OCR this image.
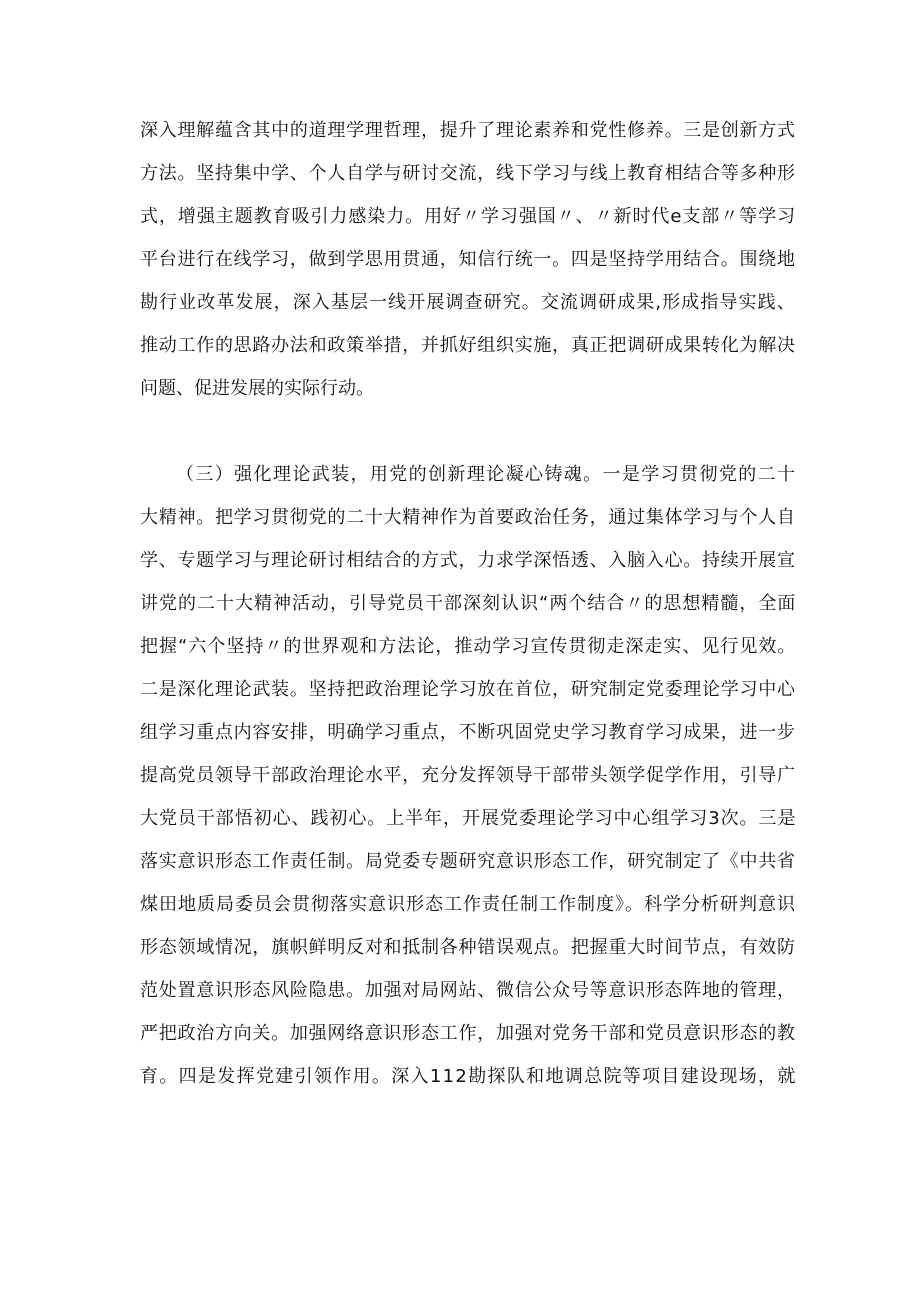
深入理解蕴含其中的道理学理哲理，提升了理论素养和党性修养。三是创新方式
方法。坚持集中学、个人自学与研讨交流，线下学习与线上教育相结合等多种形
式，增强主题教育吸引力感染力。用好〃学习强国〃、〃新时代e支部〃等学习
平台进行在线学习，做到学思用贯通，知信行统一。四是坚持学用结合。围绕地
勘行业改革发展，深入基层一线开展调查研究。交流调研成果,形成指导实践、
推动工作的思路办法和政策举措，并抓好组织实施，真正把调研成果转化为解决
问题、促进发展的实际行动。
（三）强化理论武装，用党的创新理论凝心铸魂。一是学习贯彻党的二十
大精神。把学习贯彻党的二十大精神作为首要政治任务，通过集体学习与个人自
学、专题学习与理论研讨相结合的方式，力求学深悟透、入脑入心。持续开展宣
讲党的二十大精神活动，引导党员干部深刻认识“两个结合〃的思想精髓，全面
把握“六个坚持〃的世界观和方法论，推动学习宣传贯彻走深走实、见行见效。
二是深化理论武装。坚持把政治理论学习放在首位，研究制定党委理论学习中心
组学习重点内容安排，明确学习重点，不断巩固党史学习教育学习成果，进一步
提高党员领导干部政治理论水平，充分发挥领导干部带头领学促学作用，引导广
大党员干部悟初心、践初心。上半年，开展党委理论学习中心组学习3次。三是
落实意识形态工作责任制。局党委专题研究意识形态工作，研究制定了《中共省
煤田地质局委员会贯彻落实意识形态工作责任制工作制度》。科学分析研判意识
形态领域情况，旗帜鲜明反对和抵制各种错误观点。把握重大时间节点，有效防
范处置意识形态风险隐患。加强对局网站、微信公众号等意识形态阵地的管理，
严把政治方向关。加强网络意识形态工作，加强对党务干部和党员意识形态的教
育。四是发挥党建引领作用。深入112勘探队和地调总院等项目建设现场，就
